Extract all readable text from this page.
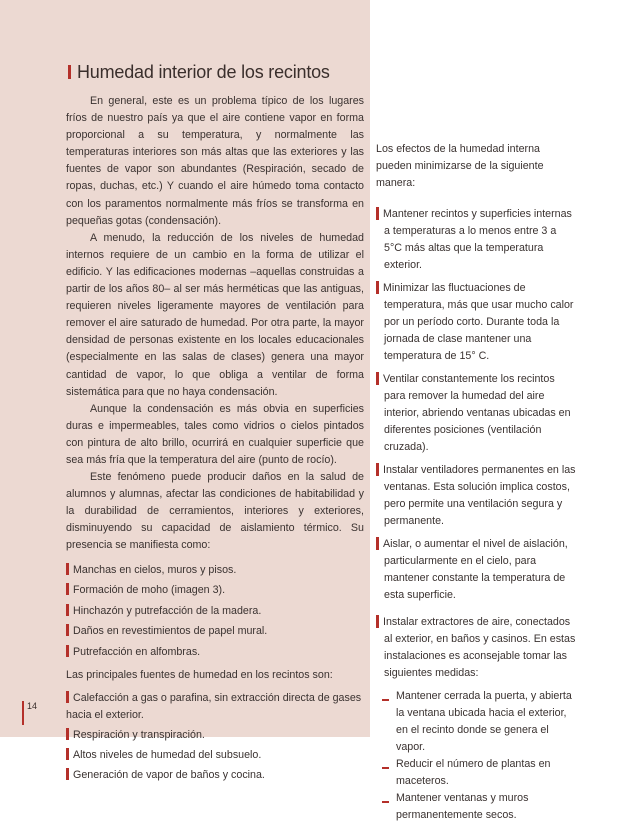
Humedad interior de los recintos

En general, este es un problema típico de los lugares fríos de nuestro país ya que el aire contiene vapor en forma proporcional a su temperatura, y normalmente las temperaturas interiores son más altas que las exteriores y las fuentes de vapor son abundantes (Respiración, secado de ropas, duchas, etc.) Y cuando el aire húmedo toma contacto con los paramentos normalmente más fríos se transforma en pequeñas gotas (condensación).

A menudo, la reducción de los niveles de humedad internos requiere de un cambio en la forma de utilizar el edificio. Y las edificaciones modernas –aquellas construidas a partir de los años 80– al ser más herméticas que las antiguas, requieren niveles ligeramente mayores de ventilación para remover el aire saturado de humedad. Por otra parte, la mayor densidad de personas existente en los locales educacionales (especialmente en las salas de clases) genera una mayor cantidad de vapor, lo que obliga a ventilar de forma sistemática para que no haya condensación.

Aunque la condensación es más obvia en superficies duras e impermeables, tales como vidrios o cielos pintados con pintura de alto brillo, ocurrirá en cualquier superficie que sea más fría que la temperatura del aire (punto de rocío).

Este fenómeno puede producir daños en la salud de alumnos y alumnas, afectar las condiciones de habitabilidad y la durabilidad de cerramientos, interiores y exteriores, disminuyendo su capacidad de aislamiento térmico. Su presencia se manifiesta como:

Manchas en cielos, muros y pisos.
Formación de moho (imagen 3).
Hinchazón y putrefacción de la madera.
Daños en revestimientos de papel mural.
Putrefacción en alfombras.

Las principales fuentes de humedad en los recintos son:

Calefacción a gas o parafina, sin extracción directa de gases hacia el exterior.
Respiración y transpiración.
Altos niveles de humedad del subsuelo.
Generación de vapor de baños y cocina.

Los efectos de la humedad interna pueden minimizarse de la siguiente manera:

Mantener recintos y superficies internas a temperaturas a lo menos entre 3 a 5°C más altas que la temperatura exterior.
Minimizar las fluctuaciones de temperatura, más que usar mucho calor por un período corto. Durante toda la jornada de clase mantener una temperatura de 15° C.
Ventilar constantemente los recintos para remover la humedad del aire interior, abriendo ventanas ubicadas en diferentes posiciones (ventilación cruzada).
Instalar ventiladores permanentes en las ventanas. Esta solución implica costos, pero permite una ventilación segura y permanente.
Aislar, o aumentar el nivel de aislación, particularmente en el cielo, para mantener constante la temperatura de esta superficie.
Instalar extractores de aire, conectados al exterior, en baños y casinos. En estas instalaciones es aconsejable tomar las siguientes medidas:
Mantener cerrada la puerta, y abierta la ventana ubicada hacia el exterior, en el recinto donde se genera el vapor.
Reducir el número de plantas en maceteros.
Mantener ventanas y muros permanentemente secos.
14
